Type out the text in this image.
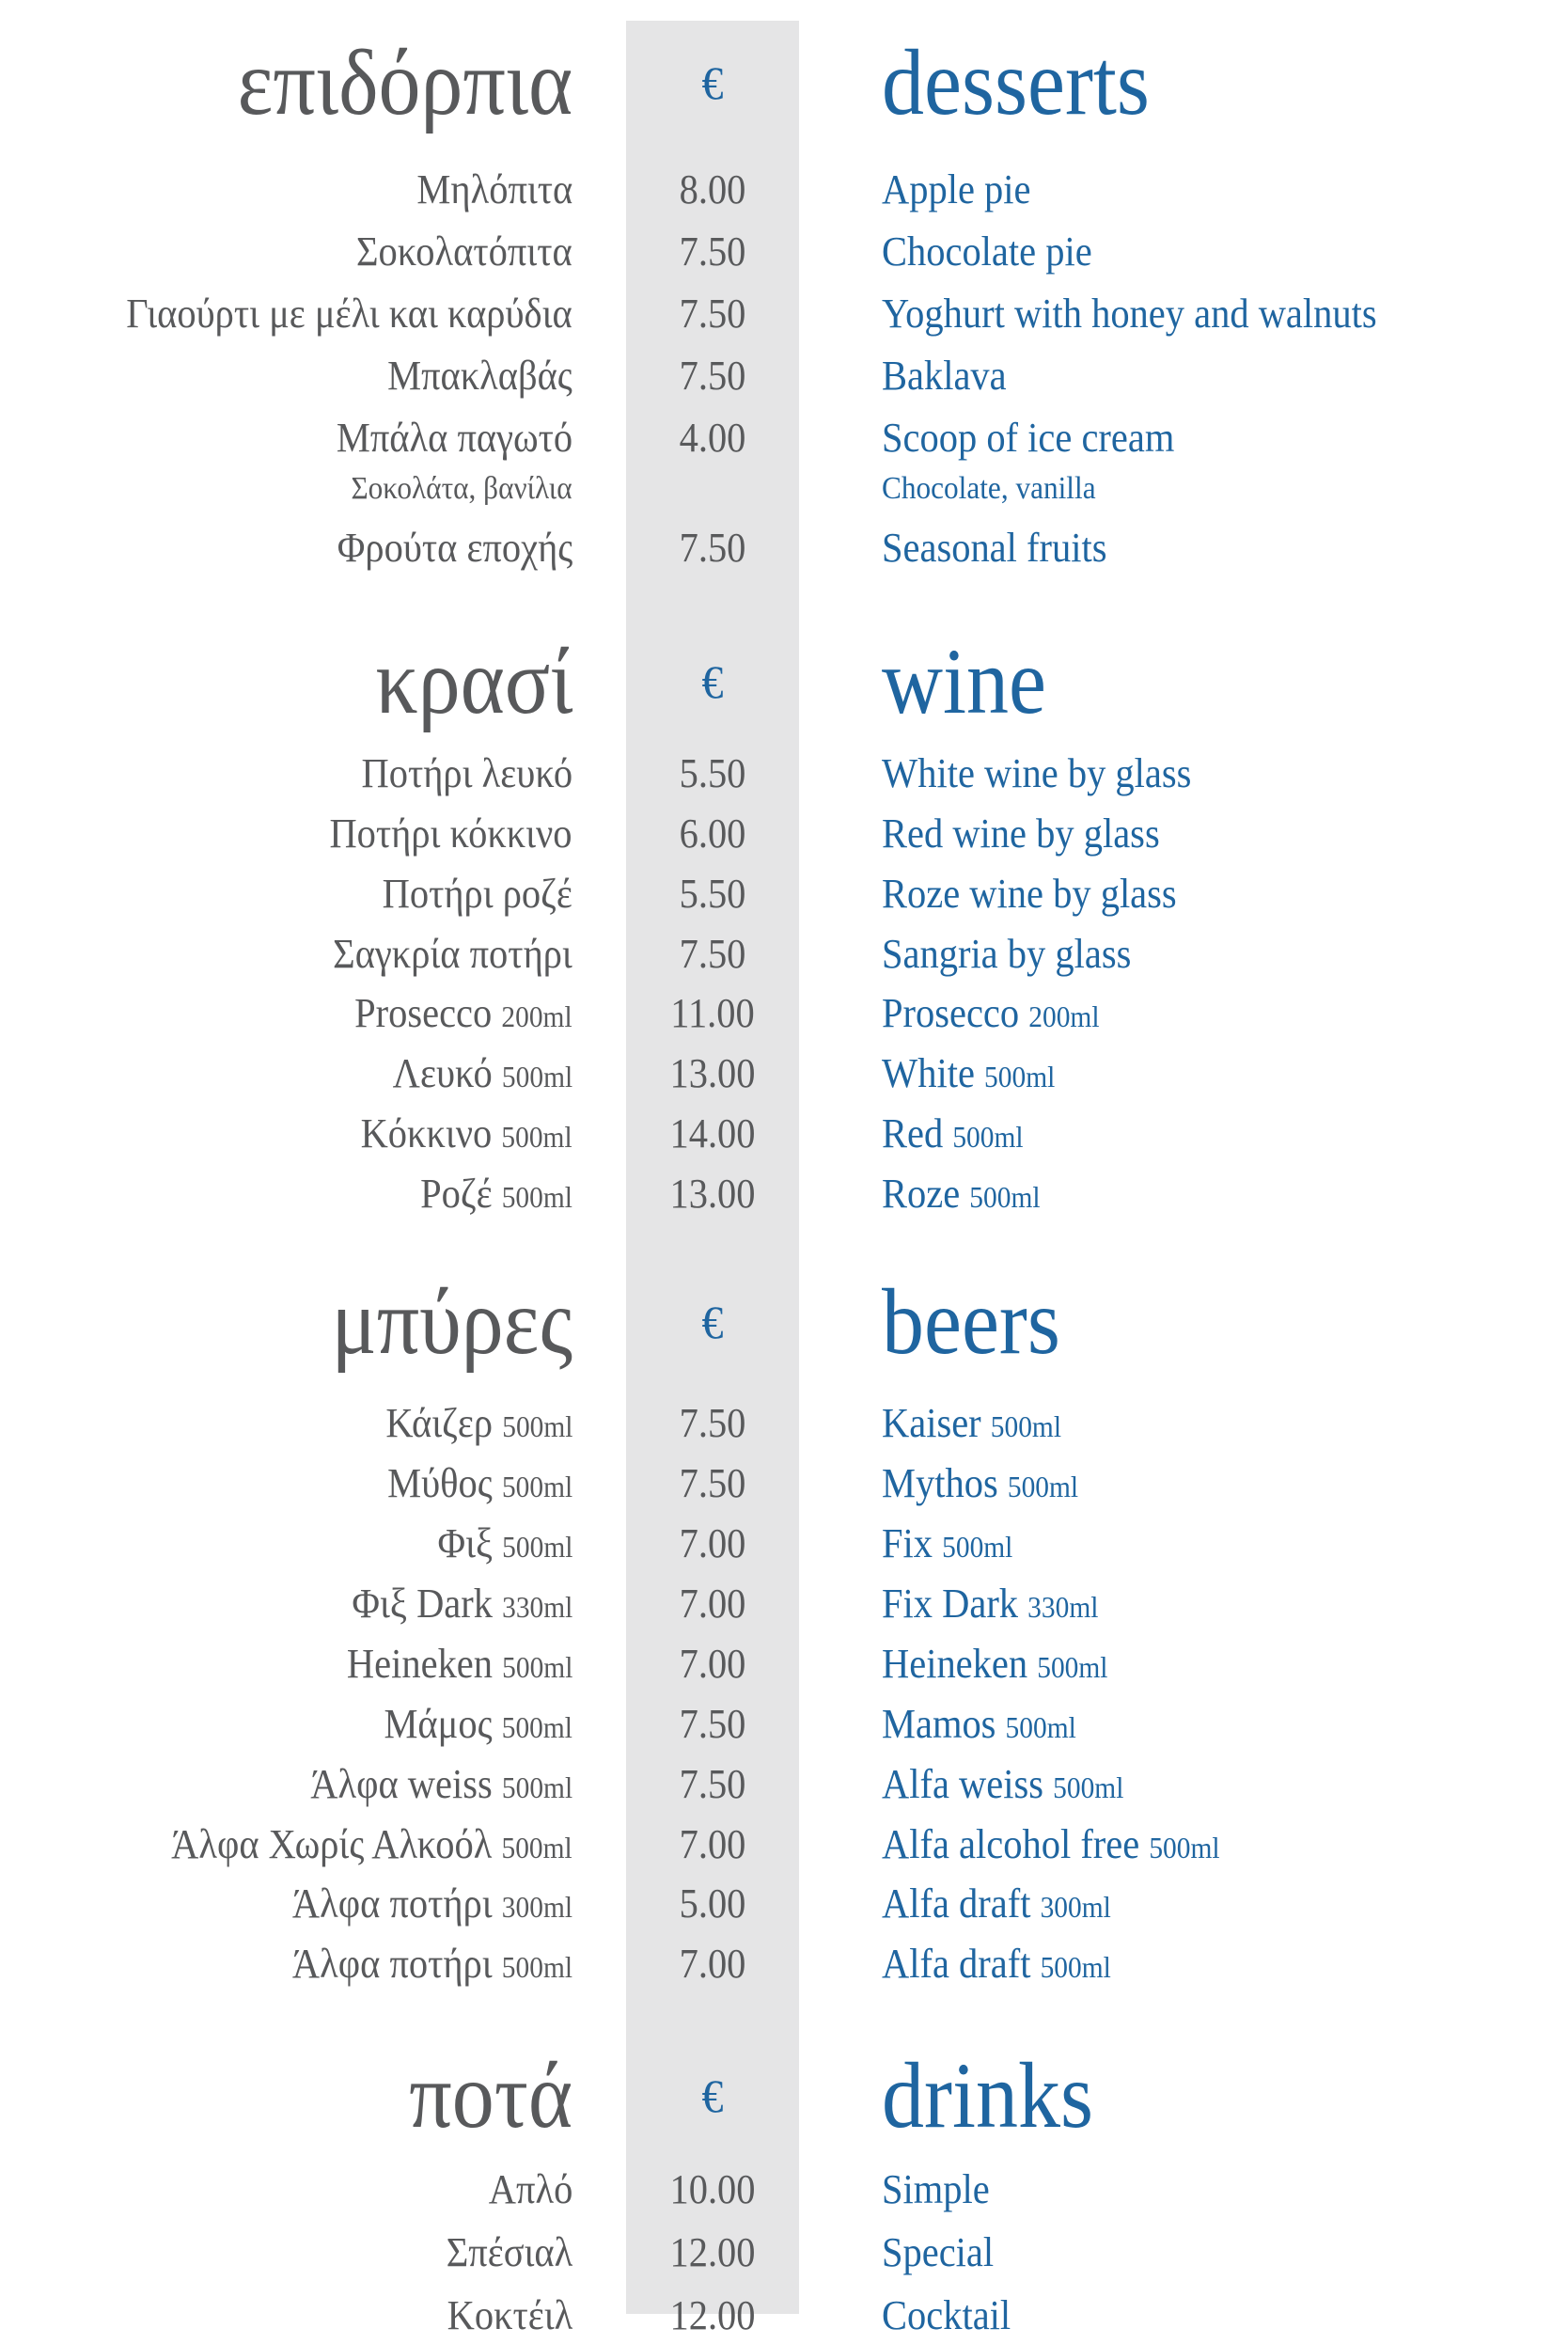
επιδόρπια	€	desserts
Μηλόπιτα	8.00	Apple pie
Σοκολατόπιτα	7.50	Chocolate pie
Γιαούρτι με μέλι και καρύδια	7.50	Yoghurt with honey and walnuts
Μπακλαβάς	7.50	Baklava
Μπάλα παγωτό	4.00	Scoop of ice cream
Σοκολάτα, βανίλια	Chocolate, vanilla
Φρούτα εποχής	7.50	Seasonal fruits
κρασί	€	wine
Ποτήρι λευκό	5.50	White wine by glass
Ποτήρι κόκκινο	6.00	Red wine by glass
Ποτήρι ροζέ	5.50	Roze wine by glass
Σαγκρία ποτήρι	7.50	Sangria by glass
Prosecco 200ml	11.00	Prosecco 200ml
Λευκό 500ml	13.00	White 500ml
Κόκκινο 500ml	14.00	Red 500ml
Ροζέ 500ml	13.00	Roze 500ml
μπύρες	€	beers
Κάιζερ 500ml	7.50	Kaiser 500ml
Μύθος 500ml	7.50	Mythos 500ml
Φιξ 500ml	7.00	Fix 500ml
Φιξ Dark 330ml	7.00	Fix Dark 330ml
Heineken 500ml	7.00	Heineken 500ml
Μάμος 500ml	7.50	Mamos 500ml
Άλφα weiss 500ml	7.50	Alfa weiss 500ml
Άλφα Χωρίς Αλκοόλ 500ml	7.00	Alfa alcohol free 500ml
Άλφα ποτήρι 300ml	5.00	Alfa draft 300ml
Άλφα ποτήρι 500ml	7.00	Alfa draft 500ml
ποτά	€	drinks
Απλό	10.00	Simple
Σπέσιαλ	12.00	Special
Κοκτέιλ	12.00	Cocktail
